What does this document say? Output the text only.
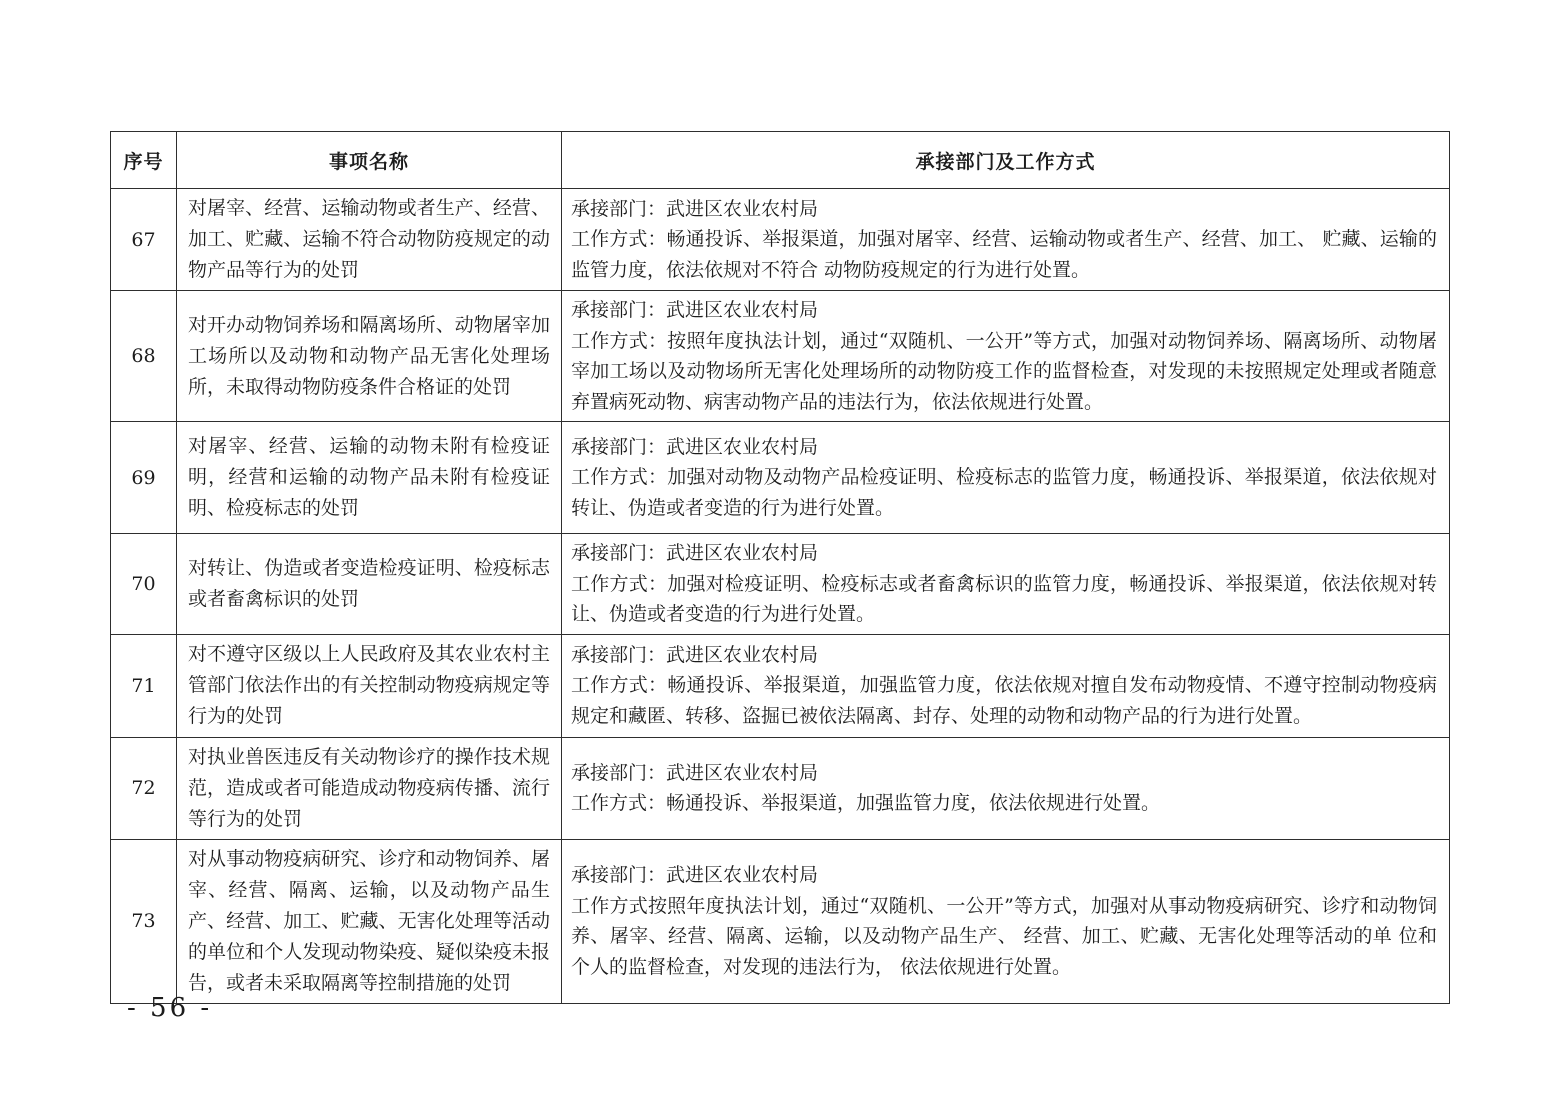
序号	事项名称	承接部门及工作方式
67	对屠宰、经营、运输动物或者生产、经营、加工、贮藏、运输不符合动物防疫规定的动物产品等行为的处罚	承接部门：武进区农业农村局
工作方式：畅通投诉、举报渠道，加强对屠宰、经营、运输动物或者生产、经营、加工、 贮藏、运输的监管力度，依法依规对不符合 动物防疫规定的行为进行处置。

68	对开办动物饲养场和隔离场所、动物屠宰加工场所以及动物和动物产品无害化处理场所，未取得动物防疫条件合格证的处罚	承接部门：武进区农业农村局
工作方式：按照年度执法计划，通过“双随机、一公开”等方式，加强对动物饲养场、隔离场所、动物屠宰加工场以及动物场所无害化处理场所的动物防疫工作的监督检查，对发现的未按照规定处理或者随意弃置病死动物、病害动物产品的违法行为，依法依规进行处置。

69	对屠宰、经营、运输的动物未附有检疫证明，经营和运输的动物产品未附有检疫证明、检疫标志的处罚	承接部门：武进区农业农村局
工作方式：加强对动物及动物产品检疫证明、检疫标志的监管力度，畅通投诉、举报渠道，依法依规对转让、伪造或者变造的行为进行处置。

70	对转让、伪造或者变造检疫证明、检疫标志或者畜禽标识的处罚	承接部门：武进区农业农村局
工作方式：加强对检疫证明、检疫标志或者畜禽标识的监管力度，畅通投诉、举报渠道，依法依规对转让、伪造或者变造的行为进行处置。

71	对不遵守区级以上人民政府及其农业农村主管部门依法作出的有关控制动物疫病规定等行为的处罚	承接部门：武进区农业农村局
工作方式：畅通投诉、举报渠道，加强监管力度，依法依规对擅自发布动物疫情、不遵守控制动物疫病规定和藏匿、转移、盗掘已被依法隔离、封存、处理的动物和动物产品的行为进行处置。

72	对执业兽医违反有关动物诊疗的操作技术规范，造成或者可能造成动物疫病传播、流行等行为的处罚	承接部门：武进区农业农村局
工作方式：畅通投诉、举报渠道，加强监管力度，依法依规进行处置。

73	对从事动物疫病研究、诊疗和动物饲养、屠宰、经营、隔离、运输，以及动物产品生产、经营、加工、贮藏、无害化处理等活动的单位和个人发现动物染疫、疑似染疫未报告，或者未采取隔离等控制措施的处罚	承接部门：武进区农业农村局
工作方式按照年度执法计划，通过“双随机、一公开”等方式，加强对从事动物疫病研究、诊疗和动物饲养、屠宰、经营、隔离、运输，以及动物产品生产、 经营、加工、贮藏、无害化处理等活动的单 位和个人的监督检查，对发现的违法行为， 依法依规进行处置。
- 56 -
